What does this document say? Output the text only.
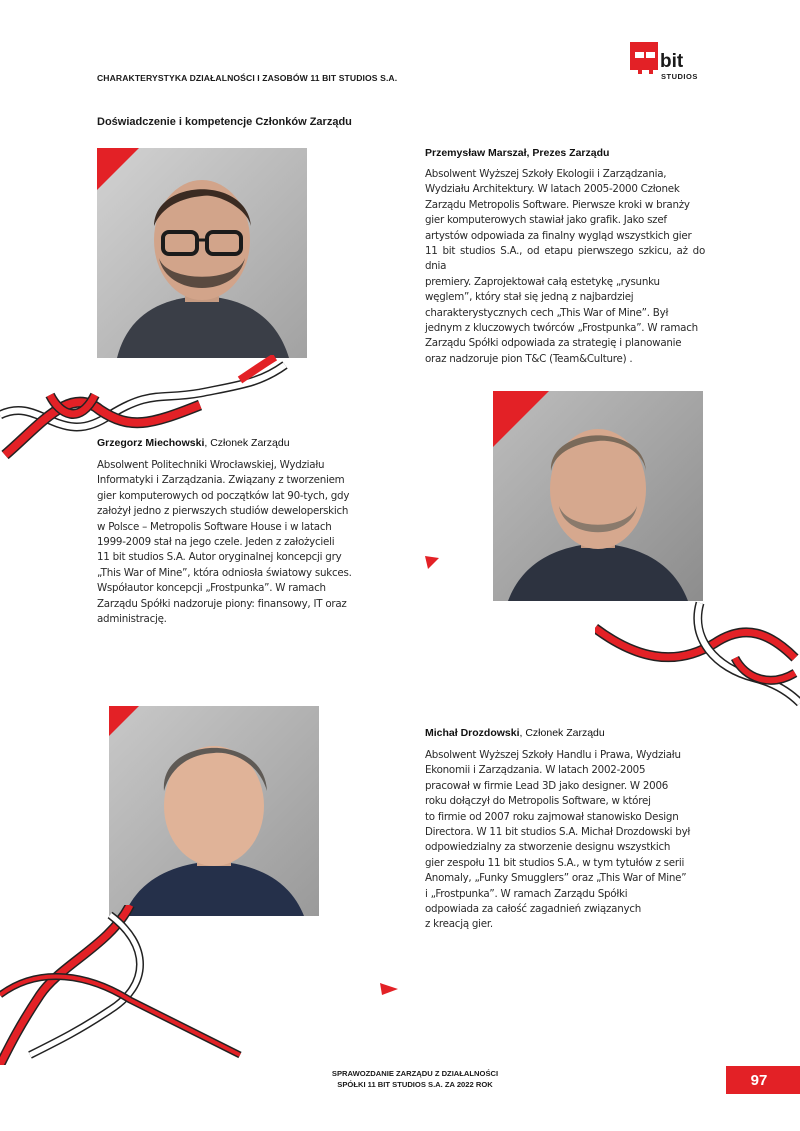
CHARAKTERYSTYKA DZIAŁALNOŚCI I ZASOBÓW 11 BIT STUDIOS S.A.
bit
STUDIOS
Doświadczenie i kompetencje Członków Zarządu
Przemysław Marszał, Prezes Zarządu
Absolwent Wyższej Szkoły Ekologii i Zarządzania,
Wydziału Architektury. W latach 2005-2000 Członek
Zarządu Metropolis Software. Pierwsze kroki w branży
gier komputerowych stawiał jako grafik. Jako szef
artystów odpowiada za finalny wygląd wszystkich gier
11 bit studios S.A., od etapu pierwszego szkicu, aż do dnia
premiery. Zaprojektował całą estetykę „rysunku
węglem”, który stał się jedną z najbardziej
charakterystycznych cech „This War of Mine”. Był
jednym z kluczowych twórców „Frostpunka”. W ramach
Zarządu Spółki odpowiada za strategię i planowanie
oraz nadzoruje pion T&C (Team&Culture) .
Grzegorz Miechowski, Członek Zarządu
Absolwent Politechniki Wrocławskiej, Wydziału
Informatyki i Zarządzania. Związany z tworzeniem
gier komputerowych od początków lat 90-tych, gdy
założył jedno z pierwszych studiów deweloperskich
w Polsce – Metropolis Software House i w latach
1999-2009 stał na jego czele. Jeden z założycieli
11 bit studios S.A. Autor oryginalnej koncepcji gry
„This War of Mine”, która odniosła światowy sukces.
Współautor koncepcji „Frostpunka”. W ramach
Zarządu Spółki nadzoruje piony: finansowy, IT oraz
administrację.
Michał Drozdowski, Członek Zarządu
Absolwent Wyższej Szkoły Handlu i Prawa, Wydziału
Ekonomii i Zarządzania. W latach 2002-2005
pracował w firmie Lead 3D jako designer. W 2006
roku dołączył do Metropolis Software, w której
to firmie od 2007 roku zajmował stanowisko Design
Directora. W 11 bit studios S.A. Michał Drozdowski był
odpowiedzialny za stworzenie designu wszystkich
gier zespołu 11 bit studios S.A., w tym tytułów z serii
Anomaly, „Funky Smugglers” oraz „This War of Mine”
i „Frostpunka”. W ramach Zarządu Spółki
odpowiada za całość zagadnień związanych
z kreacją gier.
SPRAWOZDANIE ZARZĄDU Z DZIAŁALNOŚCI
SPÓŁKI 11 BIT STUDIOS S.A. ZA 2022 ROK	97
